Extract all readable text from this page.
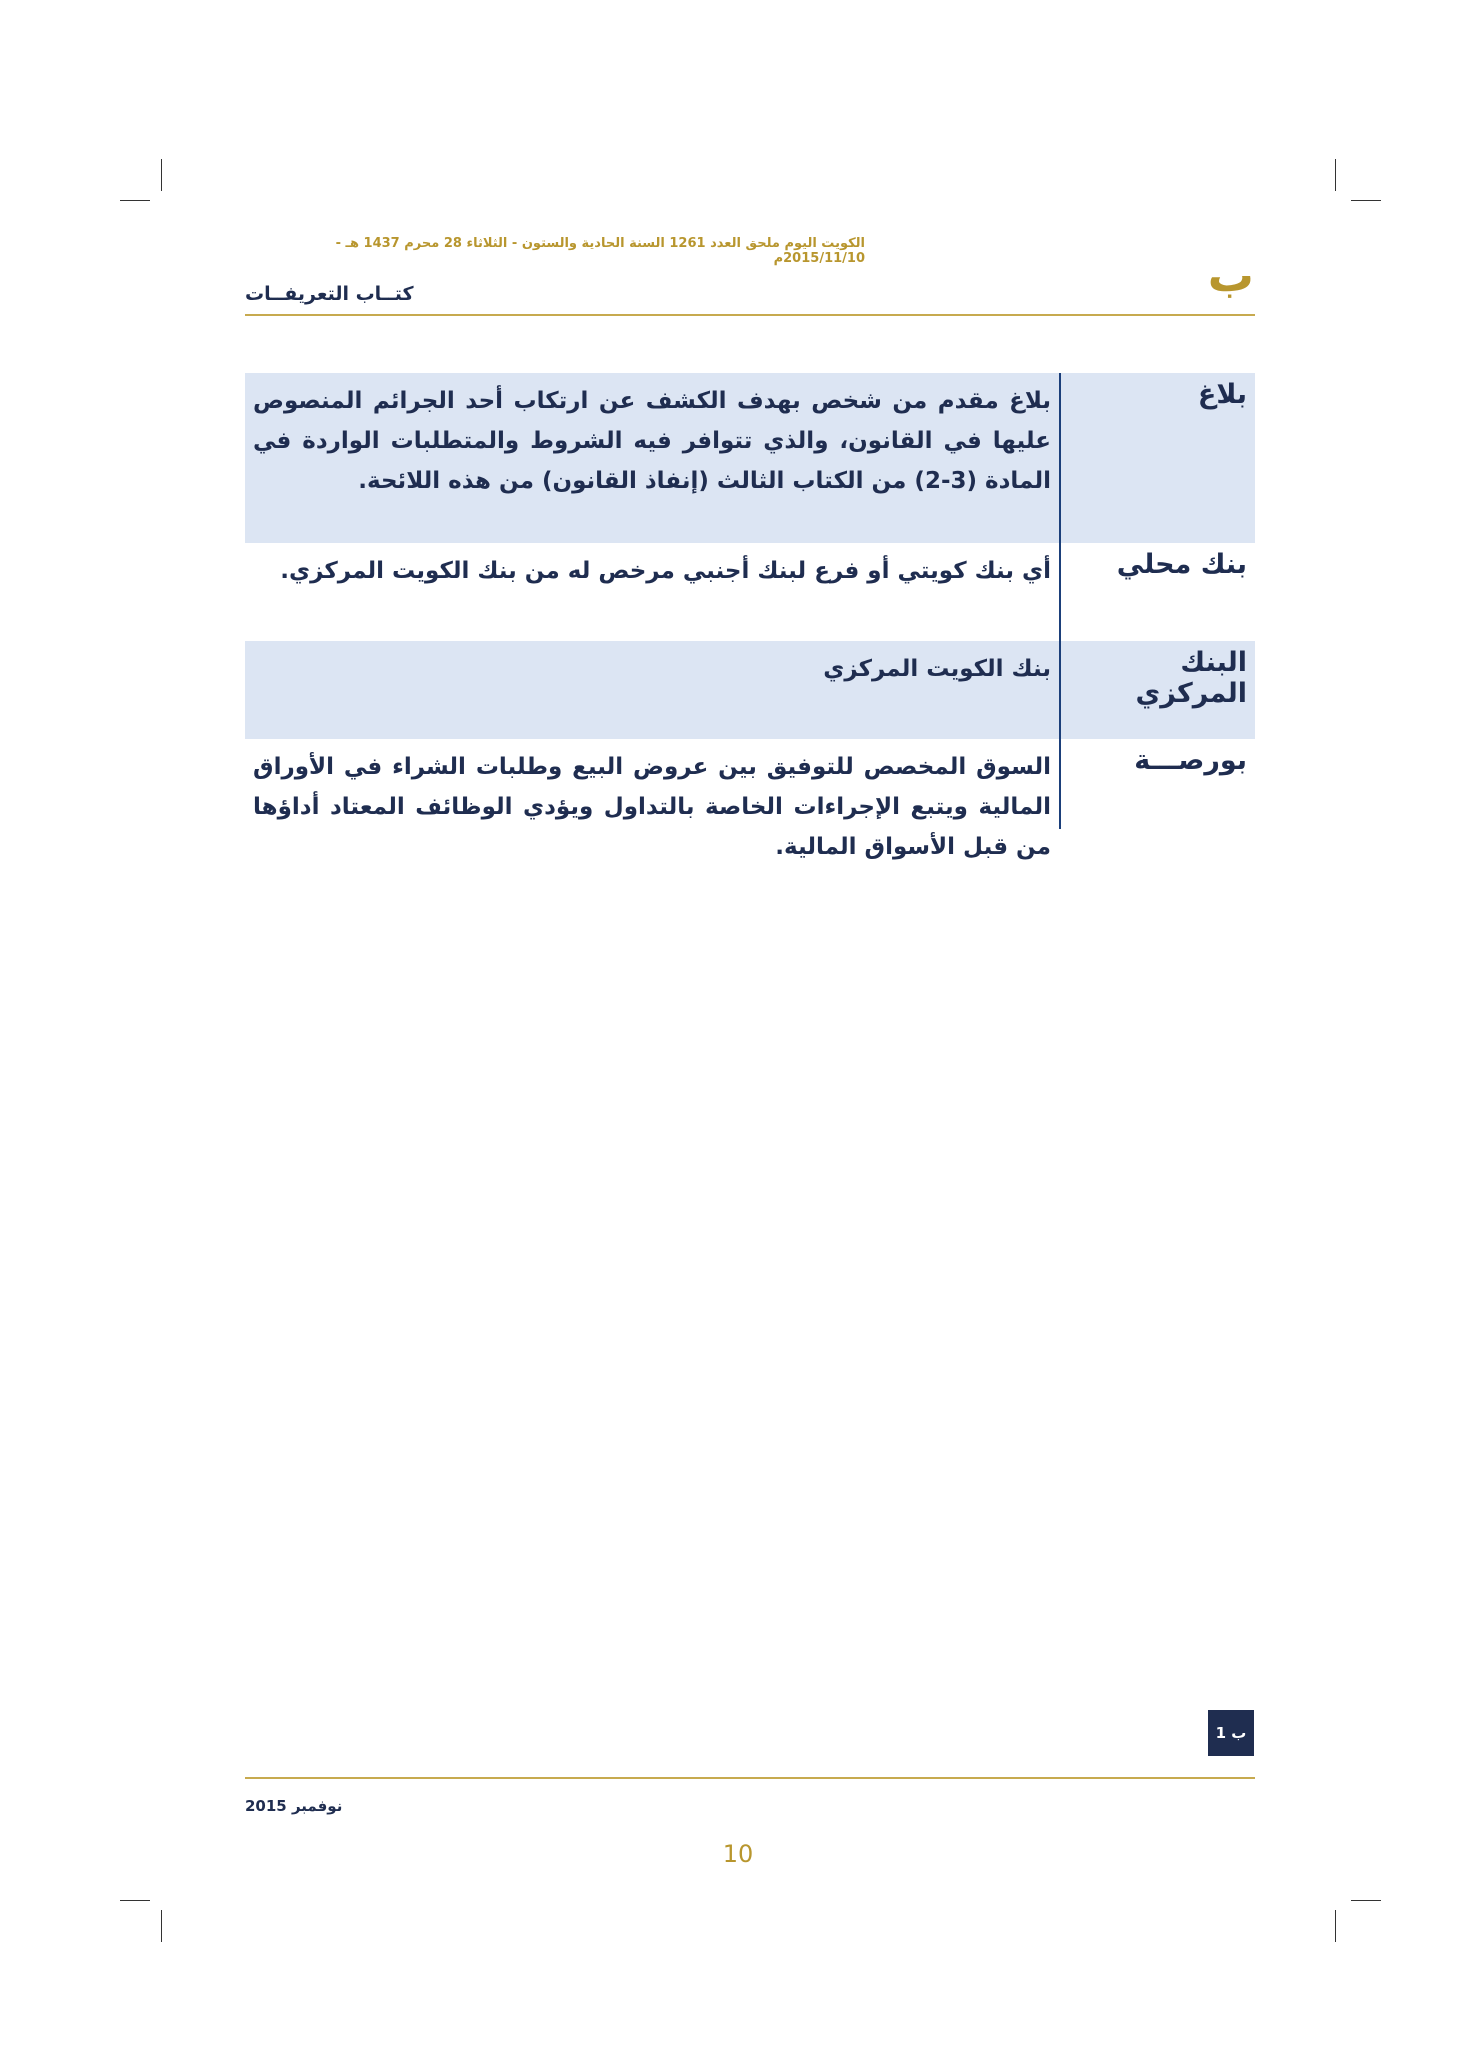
الكويت اليوم ملحق العدد 1261 السنة الحادية والستون - الثلاثاء 28 محرم 1437 هـ - 2015/11/10م	ب
كتــاب التعريفــات
بلاغ
بلاغ مقدم من شخص بهدف الكشف عن ارتكاب أحد الجرائم المنصوص عليها في القانون، والذي تتوافر فيه الشروط والمتطلبات الواردة في المادة (3-2) من الكتاب الثالث (إنفاذ القانون) من هذه اللائحة.
بنك محلي
أي بنك كويتي أو فرع لبنك أجنبي مرخص له من بنك الكويت المركزي.
البنك المركزي
بنك الكويت المركزي
بورصـــة
السوق المخصص للتوفيق بين عروض البيع وطلبات الشراء في الأوراق المالية ويتبع الإجراءات الخاصة بالتداول ويؤدي الوظائف المعتاد أداؤها من قبل الأسواق المالية.
ب 1
نوفمبر 2015
10
